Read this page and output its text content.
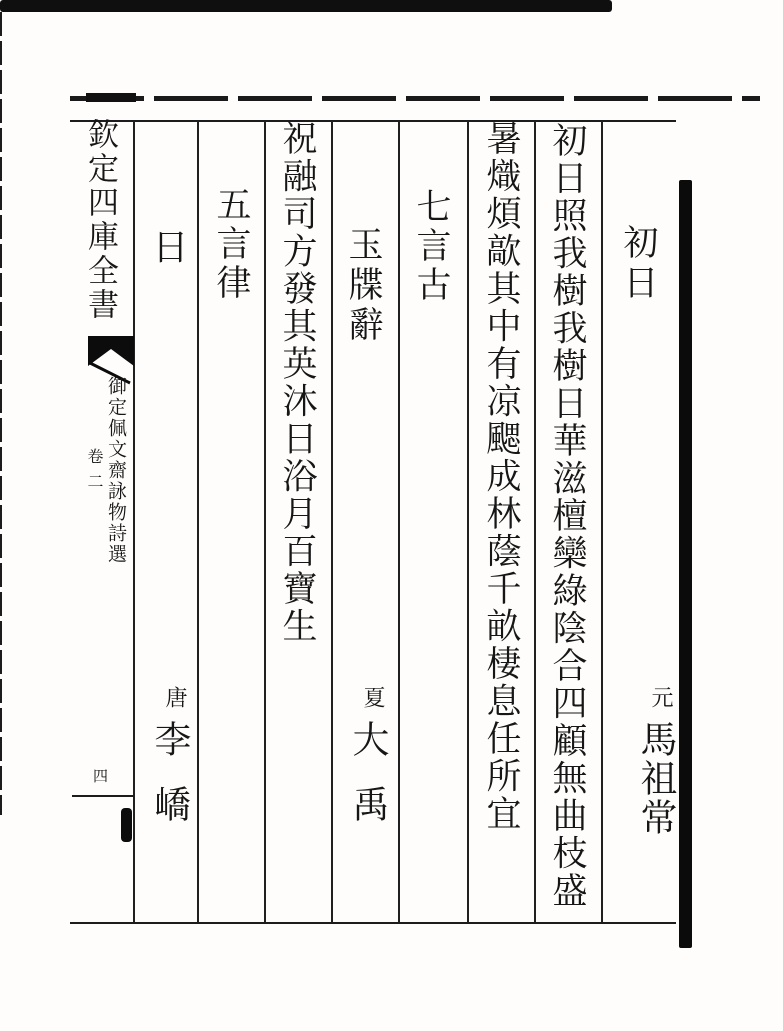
欽定四庫全書
御定佩文齋詠物詩選
卷二
四
初日
元馬祖常
初日照我樹我樹日華滋檀欒綠陰合四顧無曲枝盛
暑熾煩歊其中有凉颸成林蔭千畝棲息任所宜
七言古
玉牒辭
夏大禹
祝融司方發其英沐日浴月百寶生
五言律
日
唐李嶠
